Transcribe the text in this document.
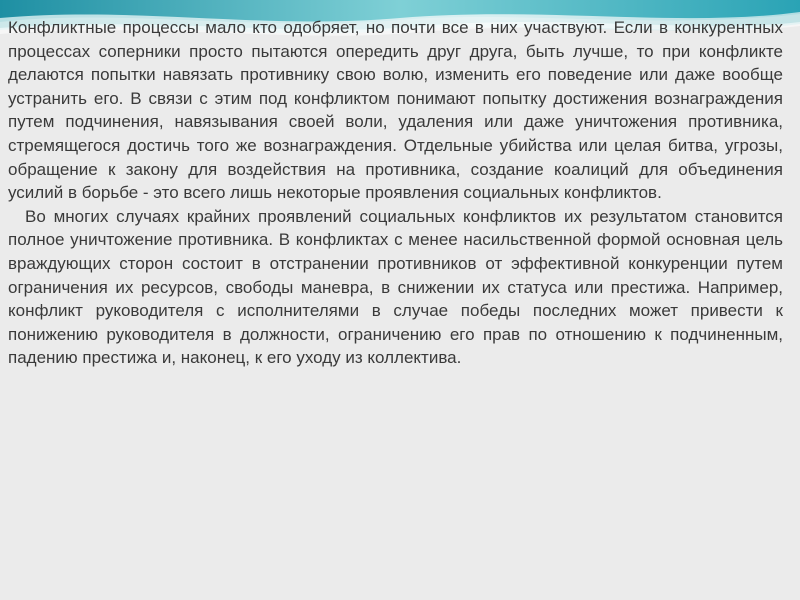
Конфликтные процессы мало кто одобряет, но почти все в них участвуют. Если в конкурентных процессах соперники просто пытаются опередить друг друга, быть лучше, то при конфликте делаются попытки навязать противнику свою волю, изменить его поведение или даже вообще устранить его. В связи с этим под конфликтом понимают попытку достижения вознаграждения путем подчинения, навязывания своей воли, удаления или даже уничтожения противника, стремящегося достичь того же вознаграждения. Отдельные убийства или целая битва, угрозы, обращение к закону для воздействия на противника, создание коалиций для объединения усилий в борьбе - это всего лишь некоторые проявления социальных конфликтов.

Во многих случаях крайних проявлений социальных конфликтов их результатом становится полное уничтожение противника. В конфликтах с менее насильственной формой основная цель враждующих сторон состоит в отстранении противников от эффективной конкуренции путем ограничения их ресурсов, свободы маневра, в снижении их статуса или престижа. Например, конфликт руководителя с исполнителями в случае победы последних может привести к понижению руководителя в должности, ограничению его прав по отношению к подчиненным, падению престижа и, наконец, к его уходу из коллектива.
